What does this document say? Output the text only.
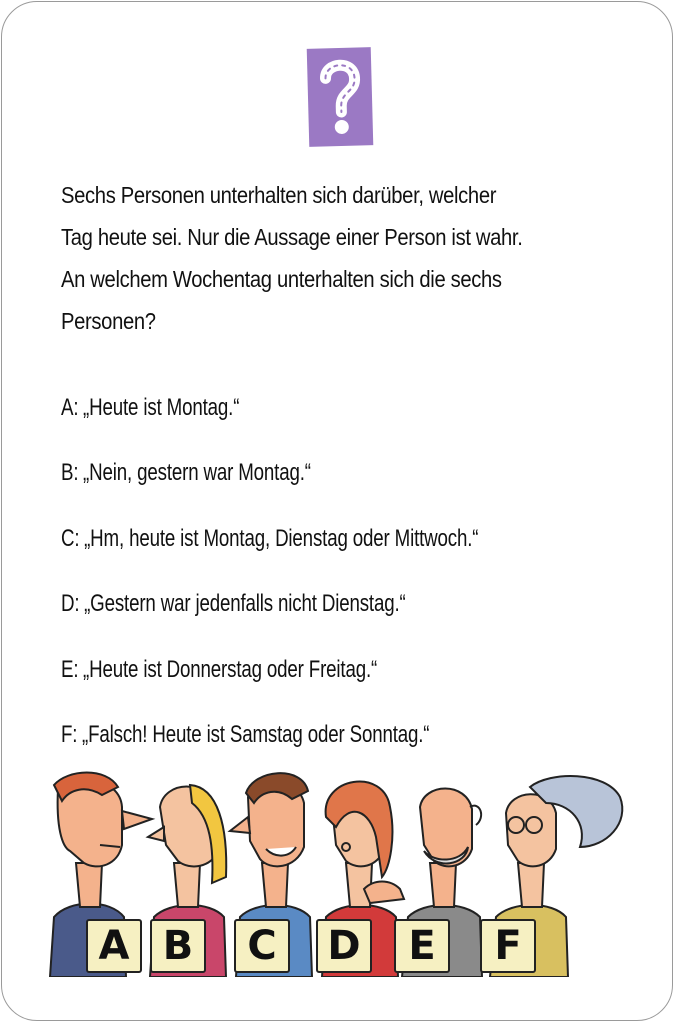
Sechs Personen unterhalten sich darüber, welcher
Tag heute sei. Nur die Aussage einer Person ist wahr.
An welchem Wochentag unterhalten sich die sechs
Personen?
A: „Heute ist Montag.“
B: „Nein, gestern war Montag.“
C: „Hm, heute ist Montag, Dienstag oder Mittwoch.“
D: „Gestern war jedenfalls nicht Dienstag.“
E: „Heute ist Donnerstag oder Freitag.“
F: „Falsch! Heute ist Samstag oder Sonntag.“
A B	C	D	E	F
